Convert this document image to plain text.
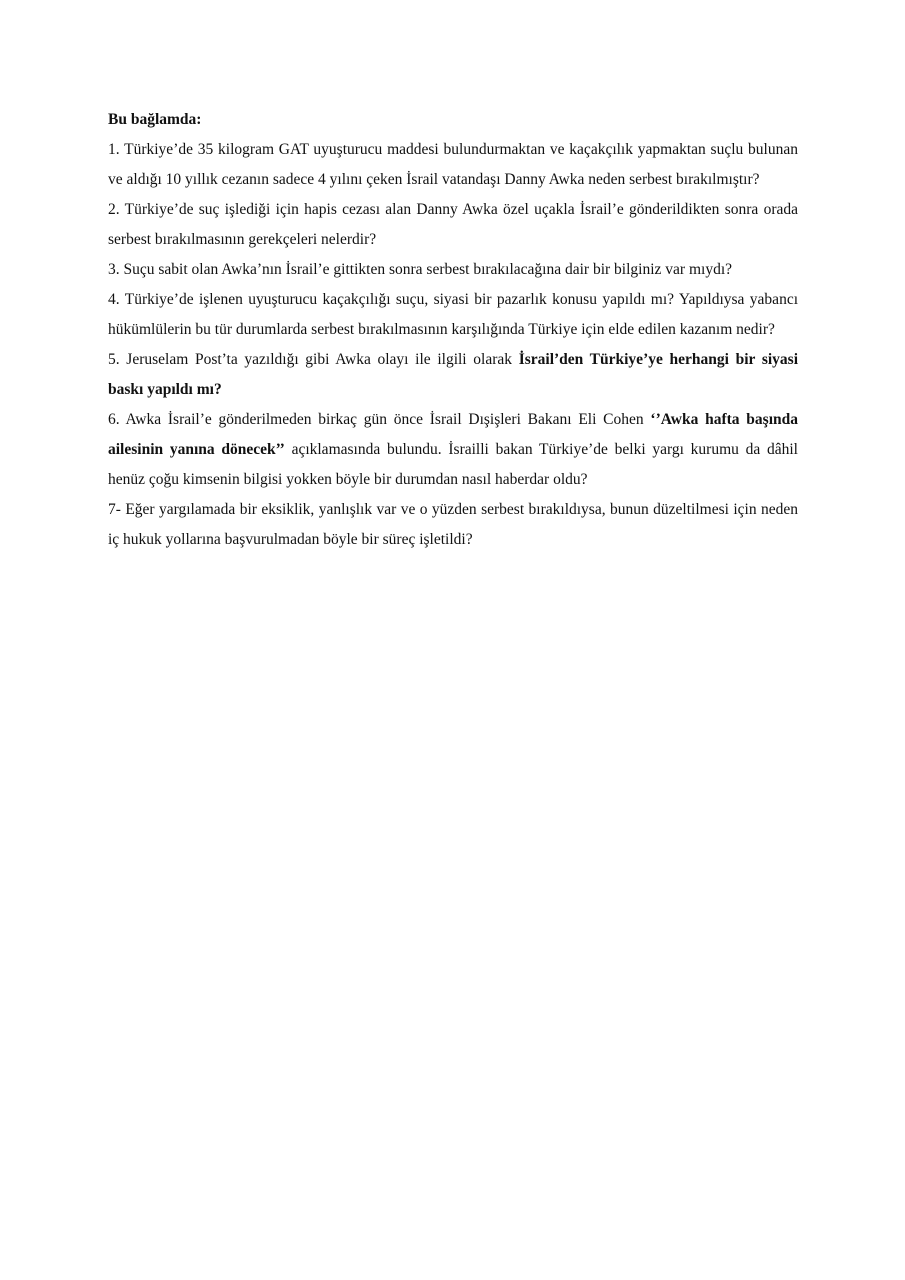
Bu bağlamda:

1. Türkiye’de 35 kilogram GAT uyuşturucu maddesi bulundurmaktan ve kaçakçılık yapmaktan suçlu bulunan ve aldığı 10 yıllık cezanın sadece 4 yılını çeken İsrail vatandaşı Danny Awka neden serbest bırakılmıştır?

2. Türkiye’de suç işlediği için hapis cezası alan Danny Awka özel uçakla İsrail’e gönderildikten sonra orada serbest bırakılmasının gerekçeleri nelerdir?

3. Suçu sabit olan Awka’nın İsrail’e gittikten sonra serbest bırakılacağına dair bir bilginiz var mıydı?

4. Türkiye’de işlenen uyuşturucu kaçakçılığı suçu, siyasi bir pazarlık konusu yapıldı mı? Yapıldıysa yabancı hükümlülerin bu tür durumlarda serbest bırakılmasının karşılığında Türkiye için elde edilen kazanım nedir?

5. Jeruselam Post’ta yazıldığı gibi Awka olayı ile ilgili olarak İsrail’den Türkiye’ye herhangi bir siyasi baskı yapıldı mı?

6. Awka İsrail’e gönderilmeden birkaç gün önce İsrail Dışişleri Bakanı Eli Cohen ‘’Awka hafta başında ailesinin yanına dönecek’’ açıklamasında bulundu. İsrailli bakan Türkiye’de belki yargı kurumu da dâhil henüz çoğu kimsenin bilgisi yokken böyle bir durumdan nasıl haberdar oldu?

7- Eğer yargılamada bir eksiklik, yanlışlık var ve o yüzden serbest bırakıldıysa, bunun düzeltilmesi için neden iç hukuk yollarına başvurulmadan böyle bir süreç işletildi?
